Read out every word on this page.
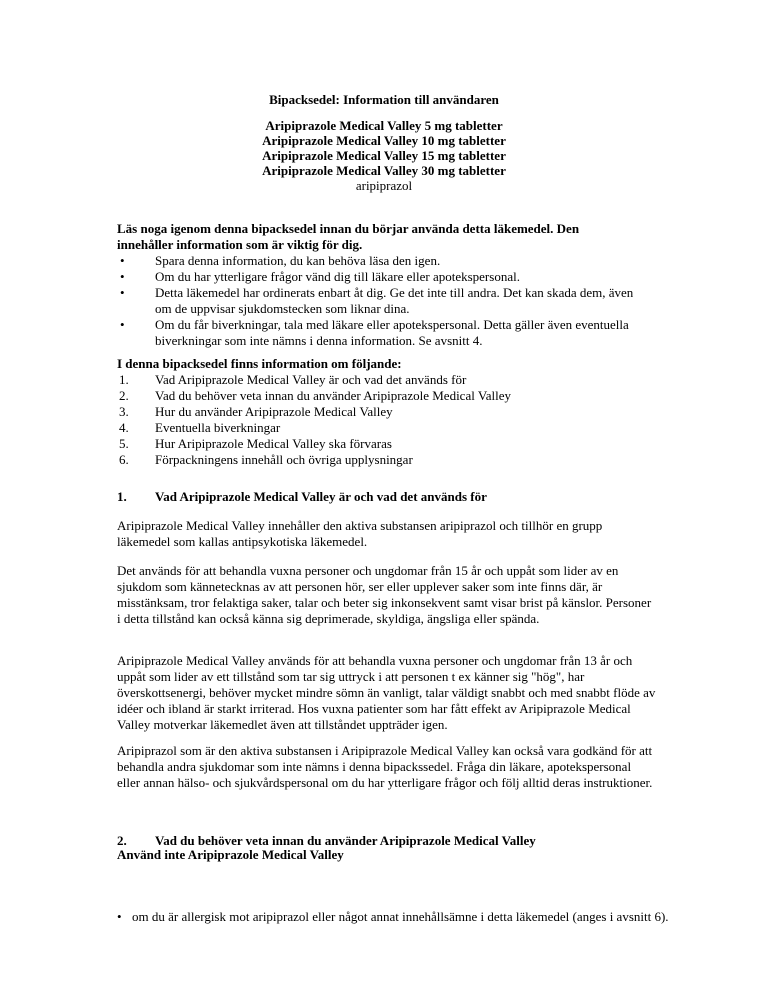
Bipacksedel: Information till användaren
Aripiprazole Medical Valley 5 mg tabletter
Aripiprazole Medical Valley 10 mg tabletter
Aripiprazole Medical Valley 15 mg tabletter
Aripiprazole Medical Valley 30 mg tabletter
aripiprazol

Läs noga igenom denna bipacksedel innan du börjar använda detta läkemedel. Den innehåller information som är viktig för dig.

• Spara denna information, du kan behöva läsa den igen.
• Om du har ytterligare frågor vänd dig till läkare eller apotekspersonal.
• Detta läkemedel har ordinerats enbart åt dig. Ge det inte till andra. Det kan skada dem, även om de uppvisar sjukdomstecken som liknar dina.
• Om du får biverkningar, tala med läkare eller apotekspersonal. Detta gäller även eventuella biverkningar som inte nämns i denna information. Se avsnitt 4.

I denna bipacksedel finns information om följande:

1. Vad Aripiprazole Medical Valley är och vad det används för
2. Vad du behöver veta innan du använder Aripiprazole Medical Valley
3. Hur du använder Aripiprazole Medical Valley
4. Eventuella biverkningar
5. Hur Aripiprazole Medical Valley ska förvaras
6. Förpackningens innehåll och övriga upplysningar
1. Vad Aripiprazole Medical Valley är och vad det används för

Aripiprazole Medical Valley innehåller den aktiva substansen aripiprazol och tillhör en grupp läkemedel som kallas antipsykotiska läkemedel.

Det används för att behandla vuxna personer och ungdomar från 15 år och uppåt som lider av en sjukdom som kännetecknas av att personen hör, ser eller upplever saker som inte finns där, är misstänksam, tror felaktiga saker, talar och beter sig inkonsekvent samt visar brist på känslor. Personer i detta tillstånd kan också känna sig deprimerade, skyldiga, ängsliga eller spända.

Aripiprazole Medical Valley används för att behandla vuxna personer och ungdomar från 13 år och uppåt som lider av ett tillstånd som tar sig uttryck i att personen t ex känner sig "hög", har överskottsenergi, behöver mycket mindre sömn än vanligt, talar väldigt snabbt och med snabbt flöde av idéer och ibland är starkt irriterad. Hos vuxna patienter som har fått effekt av Aripiprazole Medical Valley motverkar läkemedlet även att tillståndet uppträder igen.

Aripiprazol som är den aktiva substansen i Aripiprazole Medical Valley kan också vara godkänd för att behandla andra sjukdomar som inte nämns i denna bipackssedel. Fråga din läkare, apotekspersonal eller annan hälso- och sjukvårdspersonal om du har ytterligare frågor och följ alltid deras instruktioner.

2. Vad du behöver veta innan du använder Aripiprazole Medical Valley
Använd inte Aripiprazole Medical Valley
• om du är allergisk mot aripiprazol eller något annat innehållsämne i detta läkemedel (anges i avsnitt 6).
